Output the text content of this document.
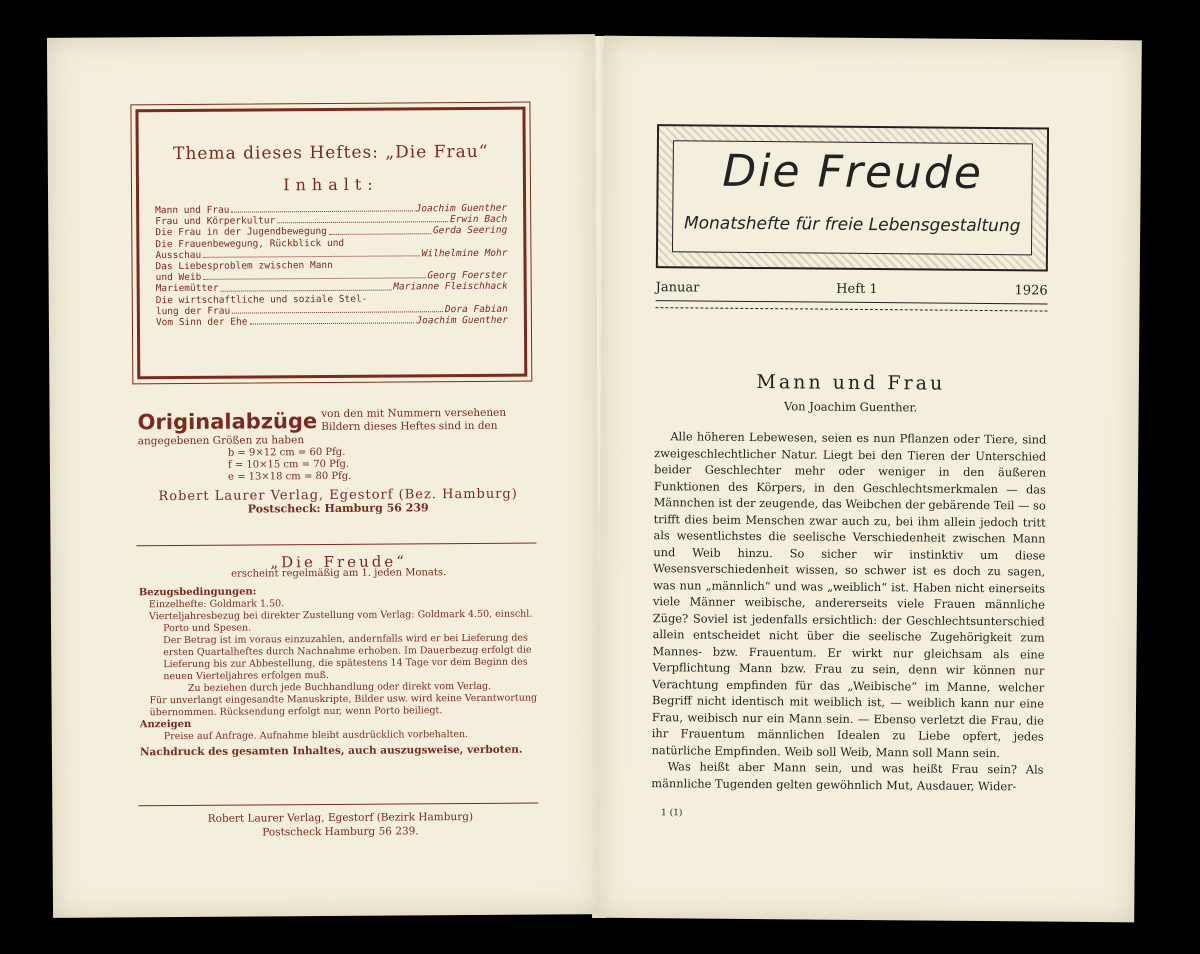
Thema dieses Heftes: „Die Frau“
Inhalt:
Mann und Frau	Joachim Guenther
Frau und Körperkultur	Erwin Bach
Die Frau in der Jugendbewegung	Gerda Seering
Die Frauenbewegung, Rückblick und
Ausschau	Wilhelmine Mohr
Das Liebesproblem zwischen Mann
und Weib	Georg Foerster
Mariemütter	Marianne Fleischhack
Die wirtschaftliche und soziale Stel-
lung der Frau	Dora Fabian
Vom Sinn der Ehe	Joachim Guenther
Originalabzüge von den mit Nummern versehenen Bildern dieses Heftes sind in den angegebenen Größen zu haben
b = 9×12 cm = 60 Pfg.
f = 10×15 cm = 70 Pfg.
e = 13×18 cm = 80 Pfg.
Robert Laurer Verlag, Egestorf (Bez. Hamburg)
Postscheck: Hamburg 56 239
„Die Freude“
erscheint regelmäßig am 1. jeden Monats.
Bezugsbedingungen:
Einzelhefte: Goldmark 1.50.
Vierteljahresbezug bei direkter Zustellung vom Verlag: Goldmark 4.50, einschl.
Porto und Spesen.
Der Betrag ist im voraus einzuzahlen, andernfalls wird er bei Lieferung des ersten Quartalheftes durch Nachnahme erhoben. Im Dauerbezug erfolgt die Lieferung bis zur Abbestellung, die spätestens 14 Tage vor dem Beginn des neuen Vierteljahres erfolgen muß.
Zu beziehen durch jede Buchhandlung oder direkt vom Verlag.
Für unverlangt eingesandte Manuskripte, Bilder usw. wird keine Verantwortung übernommen. Rücksendung erfolgt nur, wenn Porto beiliegt.
Anzeigen
Preise auf Anfrage. Aufnahme bleibt ausdrücklich vorbehalten.
Nachdruck des gesamten Inhaltes, auch auszugsweise, verboten.
Robert Laurer Verlag, Egestorf (Bezirk Hamburg)
Postscheck Hamburg 56 239.
Die Freude
Monatshefte für freie Lebensgestaltung
Januar	Heft 1	1926
Mann und Frau
Von Joachim Guenther.

Alle höheren Lebewesen, seien es nun Pflanzen oder Tiere, sind zweigeschlechtlicher Natur. Liegt bei den Tieren der Unterschied beider Geschlechter mehr oder weniger in den äußeren Funktionen des Körpers, in den Geschlechtsmerkmalen — das Männchen ist der zeugende, das Weibchen der gebärende Teil — so trifft dies beim Menschen zwar auch zu, bei ihm allein jedoch tritt als wesentlichstes die seelische Verschiedenheit zwischen Mann und Weib hinzu. So sicher wir instinktiv um diese Wesensverschiedenheit wissen, so schwer ist es doch zu sagen, was nun „männlich“ und was „weiblich“ ist. Haben nicht einerseits viele Männer weibische, andererseits viele Frauen männliche Züge? Soviel ist jedenfalls ersichtlich: der Geschlechtsunterschied allein entscheidet nicht über die seelische Zugehörigkeit zum Mannes- bzw. Frauentum. Er wirkt nur gleichsam als eine Verpflichtung Mann bzw. Frau zu sein, denn wir können nur Verachtung empfinden für das „Weibische“ im Manne, welcher Begriff nicht identisch mit weiblich ist, — weiblich kann nur eine Frau, weibisch nur ein Mann sein. — Ebenso verletzt die Frau, die ihr Frauentum männlichen Idealen zu Liebe opfert, jedes natürliche Empfinden. Weib soll Weib, Mann soll Mann sein.

Was heißt aber Mann sein, und was heißt Frau sein? Als männliche Tugenden gelten gewöhnlich Mut, Ausdauer, Wider-

1 (1)
